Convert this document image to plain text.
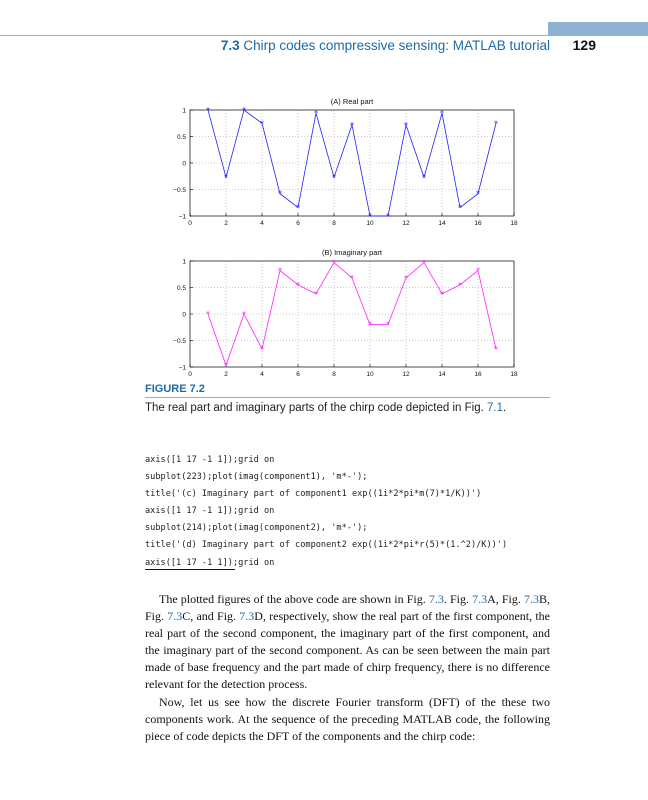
7.3 Chirp codes compressive sensing: MATLAB tutorial 129
(A) Real part
0	2	4	6	8	10	12	14	16	18
1
0.5
0
−0.5
−1
*
*
*
*
*
*
*
*
*
* *
*
*
*
*
*
*
(B) Imaginary part
0	2	4	6	8	10	12	14	16	18
1
0.5
0
−0.5
−1
*
*
*
*
*
*
*
*
*
* *
*
*
*
*
*
*
FIGURE 7.2
The real part and imaginary parts of the chirp code depicted in Fig. 7.1.
axis([1 17 -1 1]);grid on
subplot(223);plot(imag(component1), 'm*-');
title('(c) Imaginary part of component1 exp((1i*2*pi*m(7)*1/K))')
axis([1 17 -1 1]);grid on
subplot(214);plot(imag(component2), 'm*-');
title('(d) Imaginary part of component2 exp((1i*2*pi*r(5)*(1.^2)/K))')
axis([1 17 -1 1]);grid on

The plotted figures of the above code are shown in Fig. 7.3. Fig. 7.3A, Fig. 7.3B, Fig. 7.3C, and Fig. 7.3D, respectively, show the real part of the first component, the real part of the second component, the imaginary part of the first component, and the imaginary part of the second component. As can be seen between the main part made of base frequency and the part made of chirp frequency, there is no difference relevant for the detection process.

Now, let us see how the discrete Fourier transform (DFT) of the these two components work. At the sequence of the preceding MATLAB code, the following piece of code depicts the DFT of the components and the chirp code:
